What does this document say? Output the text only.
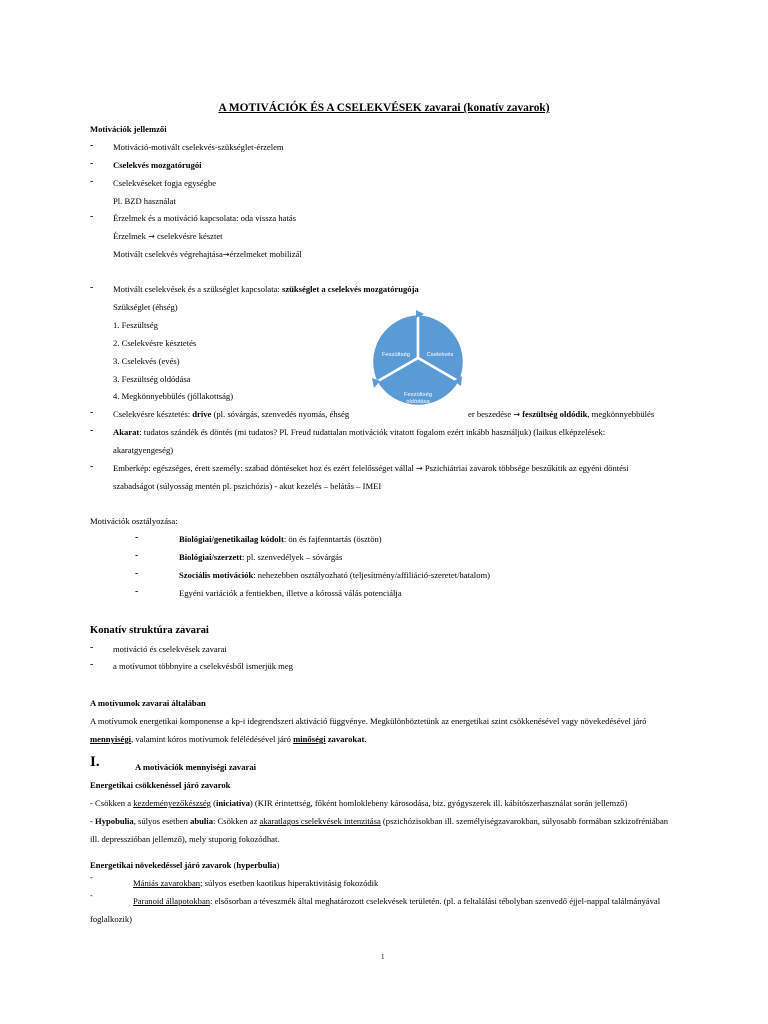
A MOTIVÁCIÓK ÉS A CSELEKVÉSEK zavarai (konatív zavarok)
Motivációk jellemzői
- Motiváció-motivált cselekvés-szükséglet-érzelem
- Cselekvés mozgatórugói
- Cselekvéseket fogja egységbe
Pl. BZD használat
- Érzelmek és a motiváció kapcsolata: oda vissza hatás
Érzelmek → cselekvésre késztet
Motivált cselekvés végrehajtása→érzelmeket mobilizál
- Motivált cselekvések és a szükséglet kapcsolata: szükséglet a cselekvés mozgatórugója
Szükséglet (éhség)
1. Feszültség
2. Cselekvésre késztetés
3. Cselekvés (evés)
3. Feszültség oldódása
4. Megkönnyebbülés (jóllakottság)
- Cselekvésre késztetés: drive (pl. sóvárgás, szenvedés nyomás, éhség	er beszedése → feszültség oldódik, megkönnyebbülés
- Akarat: tudatos szándék és döntés (mi tudatos? Pl. Freud tudattalan motivációk vitatott fogalom ezért inkább használjuk) (laikus elképzelések:
akaratgyengeség)
- Emberkép: egészséges, érett személy: szabad döntéseket hoz és ezért felelősséget vállal → Pszichiátriai zavarok többsége beszűkítik az egyéni döntési
szabadságot (súlyosság mentén pl. pszichózis) - akut kezelés – belátás – IMEI
Feszültség	Cselekvés
Feszültség
oldódása
Motivációk osztályozása:
-	Biológiai/genetikailag kódolt: ön és fajfenntartás (ösztön)
-	Biológiai/szerzett: pl. szenvedélyek – sóvárgás
-	Szociális motivációk: nehezebben osztályozható (teljesítmény/affiliáció-szeretet/hatalom)
-	Egyéni variációk a fentiekben, illetve a kórossá válás potenciálja
Konatív struktúra zavarai
- motiváció és cselekvések zavarai
- a motívumot többnyire a cselekvésből ismerjük meg
A motívumok zavarai általában
A motívumok energetikai komponense a kp-i idegrendszeri aktiváció függvénye. Megkülönböztetünk az energetikai szint csökkenésével vagy növekedésével járó
mennyiségi, valamint kóros motívumok felélédésével járó minőségi zavarokat.
I.	A motivációk mennyiségi zavarai
Energetikai csökkenéssel járó zavarok
- Csökken a kezdeményezőkészség (iniciatíva) (KIR érintettség, főként homloklebeny károsodása, biz. gyógyszerek ill. kábítószerhasználat során jellemző)
- Hypobulia, súlyos esetben abulia: Csökken az akaratlagos cselekvések intenzitása (pszichózisokban ill. személyiségzavarokban, súlyosabb formában szkizofréniában
ill. depresszióban jellemző), mely stuporig fokozódhat.
Energetikai növekedéssel járó zavarok (hyperbulia)
-
Mániás zavarokban; súlyos esetben kaotikus hiperaktivitásig fokozódik
-
Paranoid állapotokban: elsősorban a téveszmék által meghatározott cselekvések területén. (pl. a feltalálási tébolyban szenvedő éjjel-nappal találmányával
foglalkozik)
1
